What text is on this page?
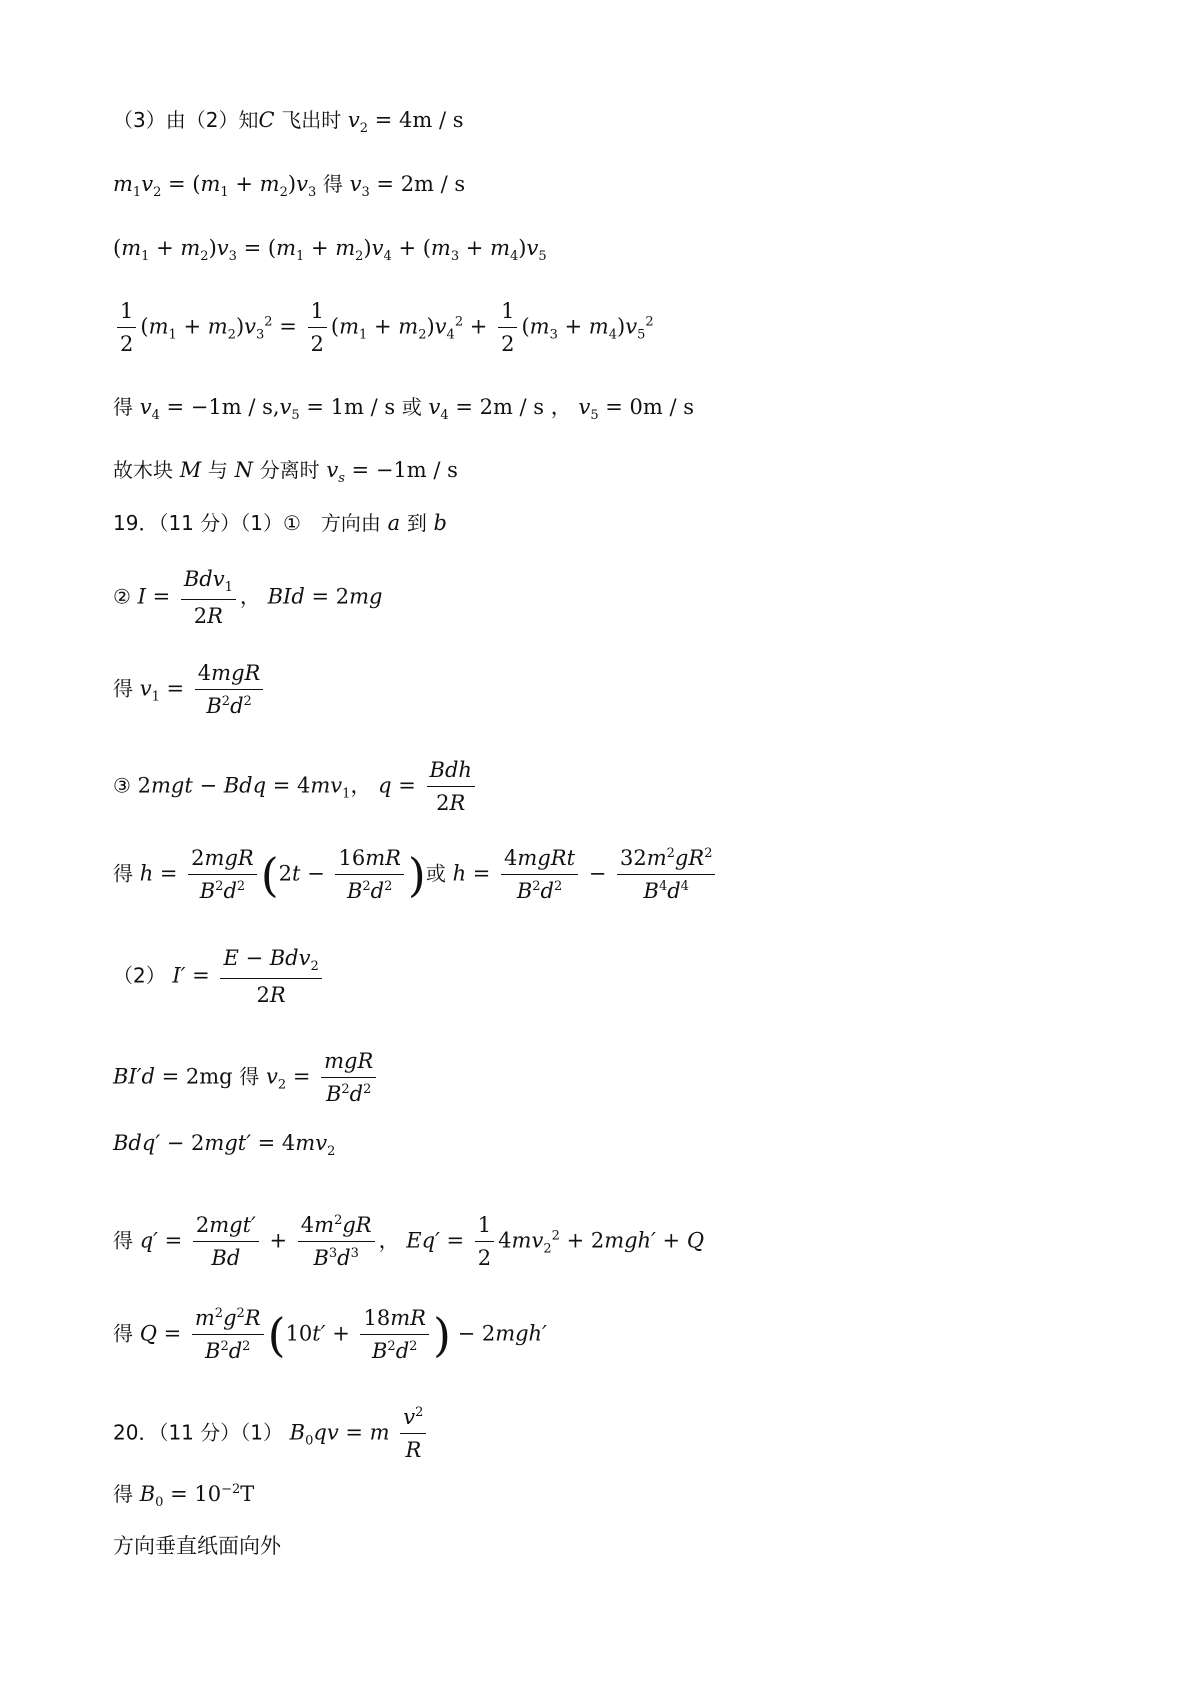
（3）由（2）知C 飞出时 $v_2 = 4m / s$
$m_1v_2 = (m_1 + m_2)v_3$ 得 $v_3 = 2m / s$
$(m_1 + m_2)v_3 = (m_1 + m_2)v_4 + (m_3 + m_4)v_5$
$\frac{1}{2} (m_1 + m_2)v_3^2 = \frac{1}{2} (m_1 + m_2)v_4^2 + \frac{1}{2} (m_3 + m_4)v_5^2$
得 $v_4 = -1m / s,v_5 = 1m / s$ 或 $v_4 = 2m / s$ ， $v_5 = 0m / s$
故木块 M 与 N 分离时 $v_s = -1m / s$
19．（11 分）（1）①　方向由 a 到 b
② $I = \frac{Bdv_1}{2R}$ ， BId = 2mg
得 $v_1 = \frac{\text{4mgR}}{B^2d^2}$
③ 2mgt − Bdq = $4mv_1$， $q = \frac{\text{Bdh}}{2R}$
得 $h = \frac{\text{2mgR}}{B^2d^2} (2t - \frac{16mR}{B^2d^2}$ )或 $h = \frac{\text{4mgRt}}{B^2d^2} - \frac{32m^2gR^2}{B^4d^4}$
（2） $I' = \frac{E - Bdv_2}{2R}$
BI′d = 2mg 得 $v_2 = \frac{\text{mgR}}{B^2d^2}$
$Bdq' - 2mgt' = 4mv_2$
得 $q' = \frac{\text{2mgt′}}{Bd} + \frac{4m^2gR}{B^3d^3}$ ， $Eq' = \frac{1}{2} 4mv_2^2 + 2mgh' + Q$
得 $Q = \frac{m^2g^2R}{B^2d^2} (10t' + \frac{18mR}{B^2d^2}$ ) − 2mgh′
20．（11 分）（1） $B_0qv = m \frac{v^2}{R}$
得 $B_0 = 10^{-2}T$
方向垂直纸面向外
